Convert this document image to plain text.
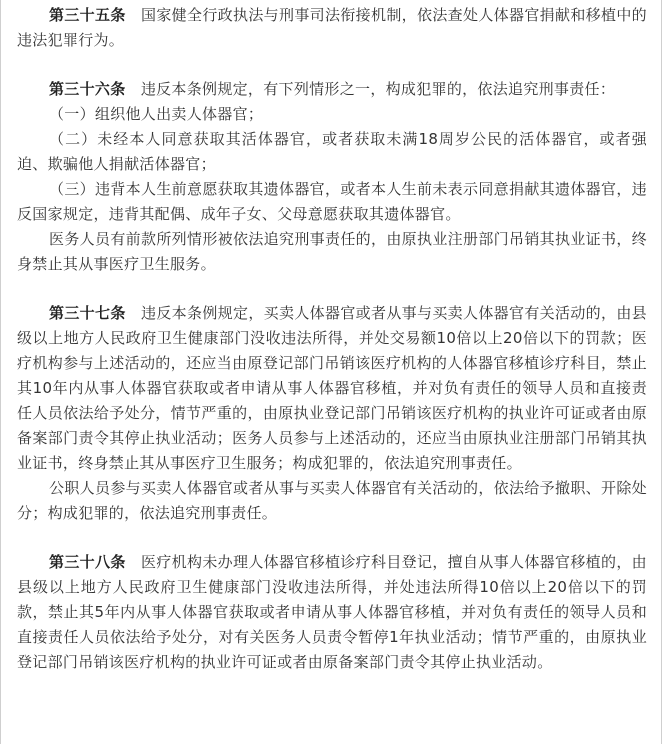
第三十五条　 国家健全行政执法与刑事司法衔接机制，依法查处人体器官捐献和移植中的违法犯罪行为。

第三十六条　 违反本条例规定，有下列情形之一，构成犯罪的，依法追究刑事责任：

（一）组织他人出卖人体器官；

（二）未经本人同意获取其活体器官，或者获取未满18周岁公民的活体器官，或者强迫、欺骗他人捐献活体器官；

（三）违背本人生前意愿获取其遗体器官，或者本人生前未表示同意捐献其遗体器官，违反国家规定，违背其配偶、成年子女、父母意愿获取其遗体器官。

医务人员有前款所列情形被依法追究刑事责任的，由原执业注册部门吊销其执业证书，终身禁止其从事医疗卫生服务。

第三十七条　 违反本条例规定，买卖人体器官或者从事与买卖人体器官有关活动的，由县级以上地方人民政府卫生健康部门没收违法所得，并处交易额10倍以上20倍以下的罚款；医疗机构参与上述活动的，还应当由原登记部门吊销该医疗机构的人体器官移植诊疗科目，禁止其10年内从事人体器官获取或者申请从事人体器官移植，并对负有责任的领导人员和直接责任人员依法给予处分，情节严重的，由原执业登记部门吊销该医疗机构的执业许可证或者由原备案部门责令其停止执业活动；医务人员参与上述活动的，还应当由原执业注册部门吊销其执业证书，终身禁止其从事医疗卫生服务；构成犯罪的，依法追究刑事责任。

公职人员参与买卖人体器官或者从事与买卖人体器官有关活动的，依法给予撤职、开除处分；构成犯罪的，依法追究刑事责任。

第三十八条　 医疗机构未办理人体器官移植诊疗科目登记，擅自从事人体器官移植的，由县级以上地方人民政府卫生健康部门没收违法所得，并处违法所得10倍以上20倍以下的罚款，禁止其5年内从事人体器官获取或者申请从事人体器官移植，并对负有责任的领导人员和直接责任人员依法给予处分，对有关医务人员责令暂停1年执业活动；情节严重的，由原执业登记部门吊销该医疗机构的执业许可证或者由原备案部门责令其停止执业活动。
